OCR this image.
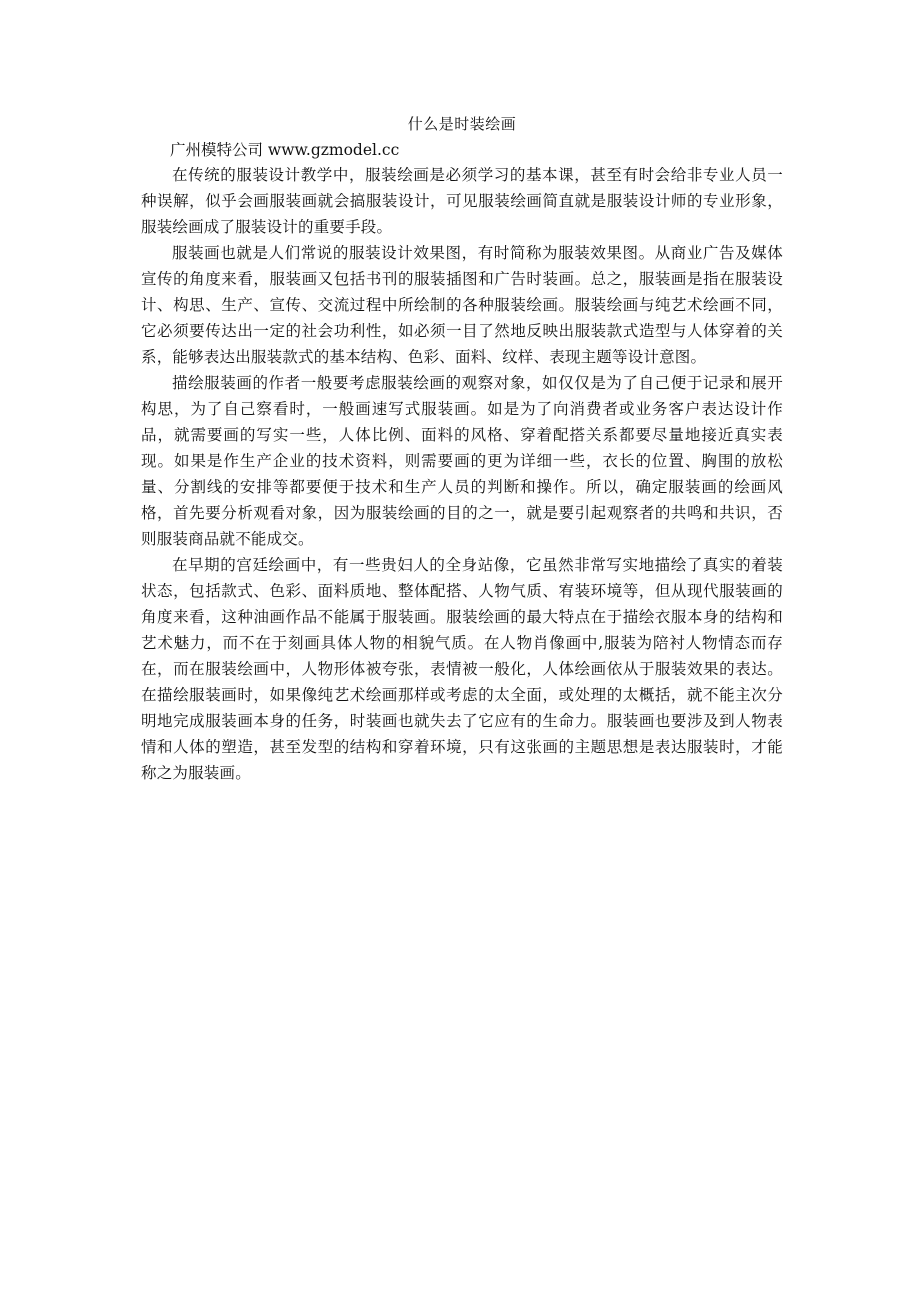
什么是时装绘画

广州模特公司 www.gzmodel.cc

在传统的服装设计教学中，服装绘画是必须学习的基本课，甚至有时会给非专业人员一种误解，似乎会画服装画就会搞服装设计，可见服装绘画简直就是服装设计师的专业形象，服装绘画成了服装设计的重要手段。

服装画也就是人们常说的服装设计效果图，有时简称为服装效果图。从商业广告及媒体宣传的角度来看，服装画又包括书刊的服装插图和广告时装画。总之，服装画是指在服装设计、构思、生产、宣传、交流过程中所绘制的各种服装绘画。服装绘画与纯艺术绘画不同，它必须要传达出一定的社会功利性，如必须一目了然地反映出服装款式造型与人体穿着的关系，能够表达出服装款式的基本结构、色彩、面料、纹样、表现主题等设计意图。

描绘服装画的作者一般要考虑服装绘画的观察对象，如仅仅是为了自己便于记录和展开构思，为了自己察看时，一般画速写式服装画。如是为了向消费者或业务客户表达设计作品，就需要画的写实一些，人体比例、面料的风格、穿着配搭关系都要尽量地接近真实表现。如果是作生产企业的技术资料，则需要画的更为详细一些，衣长的位置、胸围的放松量、分割线的安排等都要便于技术和生产人员的判断和操作。所以，确定服装画的绘画风格，首先要分析观看对象，因为服装绘画的目的之一，就是要引起观察者的共鸣和共识，否则服装商品就不能成交。

在早期的宫廷绘画中，有一些贵妇人的全身站像，它虽然非常写实地描绘了真实的着装状态，包括款式、色彩、面料质地、整体配搭、人物气质、宥装环境等，但从现代服装画的角度来看，这种油画作品不能属于服装画。服装绘画的最大特点在于描绘衣服本身的结构和艺术魅力，而不在于刻画具体人物的相貌气质。在人物肖像画中,服装为陪衬人物情态而存在，而在服装绘画中，人物形体被夸张，表情被一般化，人体绘画依从于服装效果的表达。在描绘服装画时，如果像纯艺术绘画那样或考虑的太全面，或处理的太概括，就不能主次分明地完成服装画本身的任务，时装画也就失去了它应有的生命力。服装画也要涉及到人物表情和人体的塑造，甚至发型的结构和穿着环境，只有这张画的主题思想是表达服装时，才能称之为服装画。
